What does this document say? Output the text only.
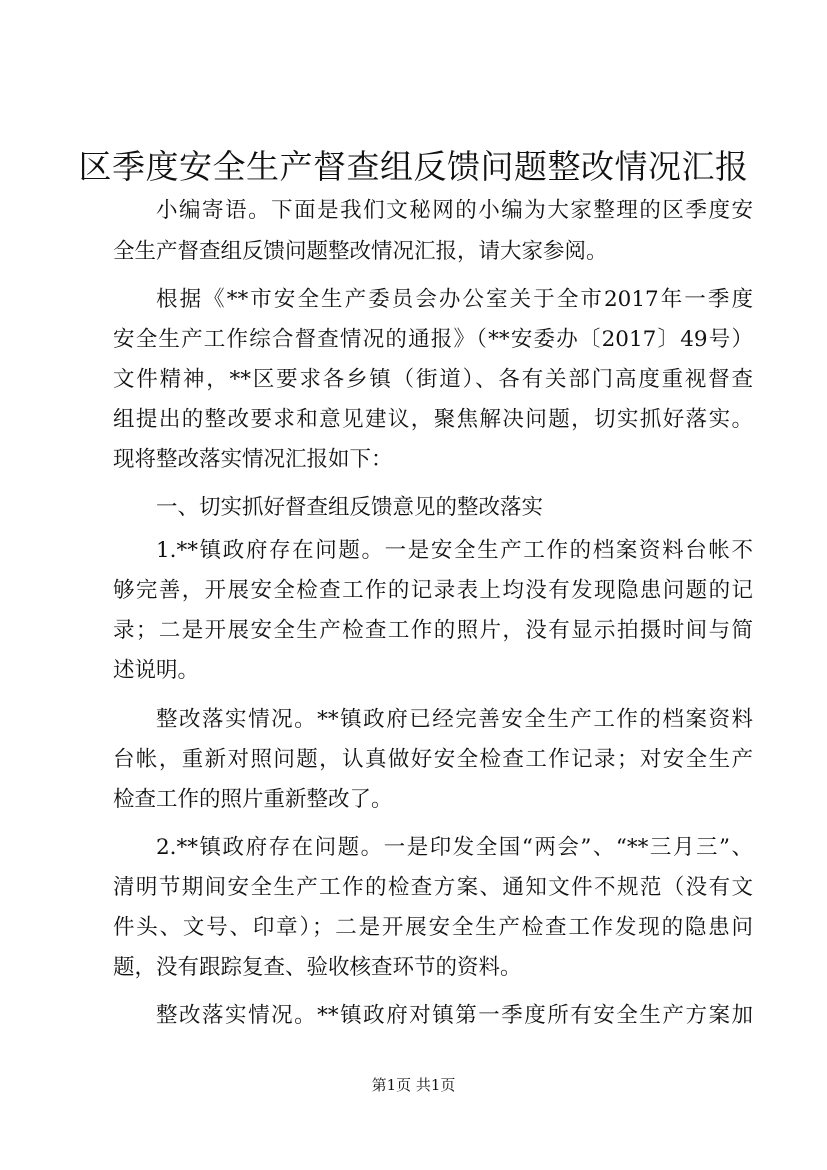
区季度安全生产督查组反馈问题整改情况汇报

小编寄语。下面是我们文秘网的小编为大家整理的区季度安

全生产督查组反馈问题整改情况汇报，请大家参阅。

根据《**市安全生产委员会办公室关于全市2017年一季度

安全生产工作综合督查情况的通报》（**安委办〔2017〕49号）

文件精神，**区要求各乡镇（街道）、各有关部门高度重视督查

组提出的整改要求和意见建议，聚焦解决问题，切实抓好落实。

现将整改落实情况汇报如下：

一、切实抓好督查组反馈意见的整改落实

1.**镇政府存在问题。一是安全生产工作的档案资料台帐不

够完善，开展安全检查工作的记录表上均没有发现隐患问题的记

录；二是开展安全生产检查工作的照片，没有显示拍摄时间与简

述说明。

整改落实情况。**镇政府已经完善安全生产工作的档案资料

台帐，重新对照问题，认真做好安全检查工作记录；对安全生产

检查工作的照片重新整改了。

2.**镇政府存在问题。一是印发全国“两会”、“**三月三”、

清明节期间安全生产工作的检查方案、通知文件不规范（没有文

件头、文号、印章）；二是开展安全生产检查工作发现的隐患问

题，没有跟踪复查、验收核查环节的资料。

整改落实情况。**镇政府对镇第一季度所有安全生产方案加

第1页 共1页
